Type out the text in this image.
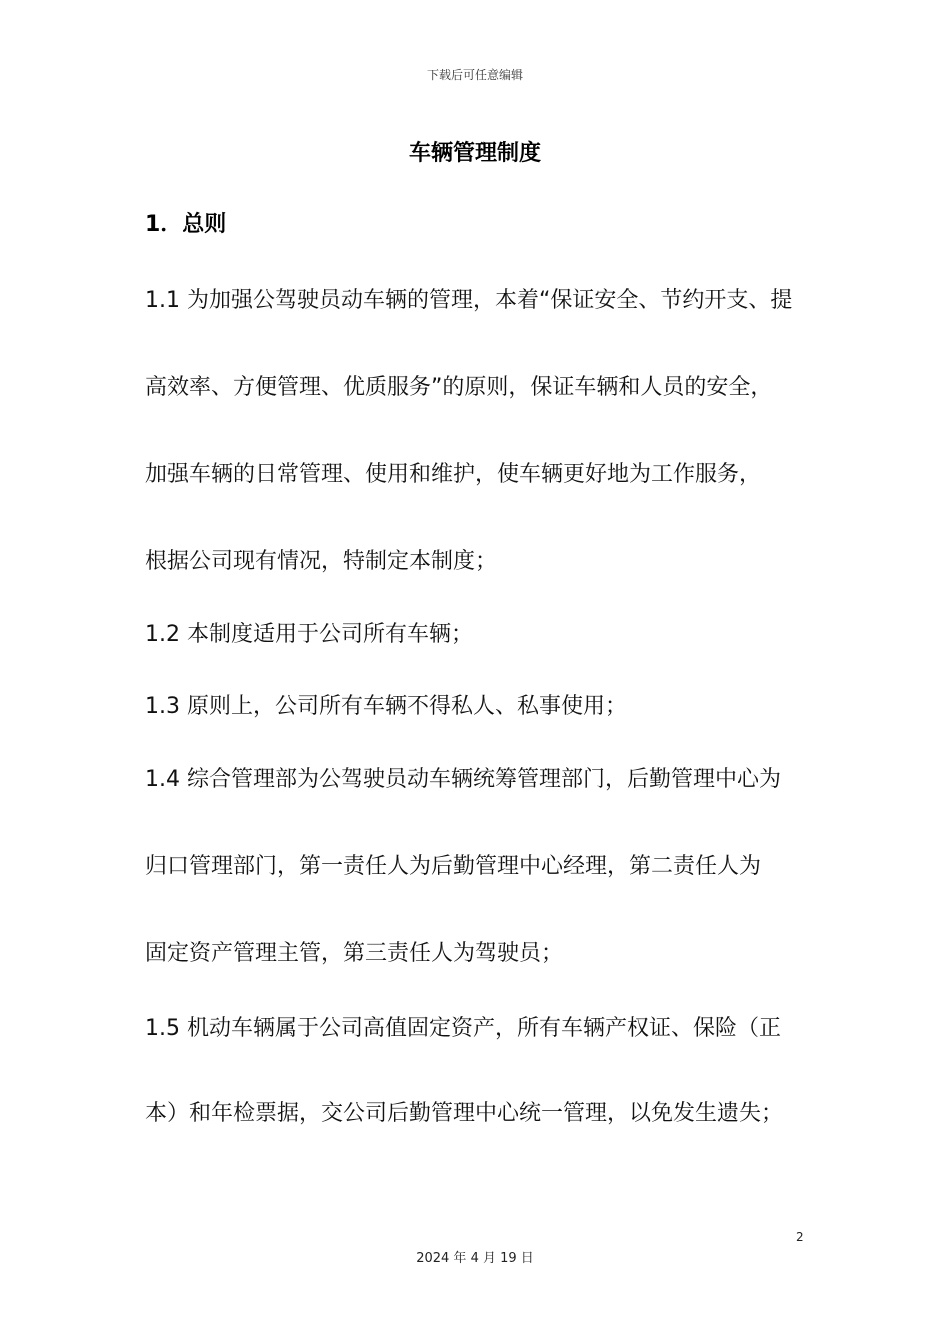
下载后可任意编辑
车辆管理制度
1．总则
1.1 为加强公驾驶员动车辆的管理，本着“保证安全、节约开支、提
高效率、方便管理、优质服务”的原则，保证车辆和人员的安全，
加强车辆的日常管理、使用和维护，使车辆更好地为工作服务，
根据公司现有情况，特制定本制度；
1.2 本制度适用于公司所有车辆；
1.3 原则上，公司所有车辆不得私人、私事使用；
1.4 综合管理部为公驾驶员动车辆统筹管理部门，后勤管理中心为
归口管理部门，第一责任人为后勤管理中心经理，第二责任人为
固定资产管理主管，第三责任人为驾驶员；
1.5 机动车辆属于公司高值固定资产，所有车辆产权证、保险（正
本）和年检票据，交公司后勤管理中心统一管理，以免发生遗失；
2
2024 年 4 月 19 日
